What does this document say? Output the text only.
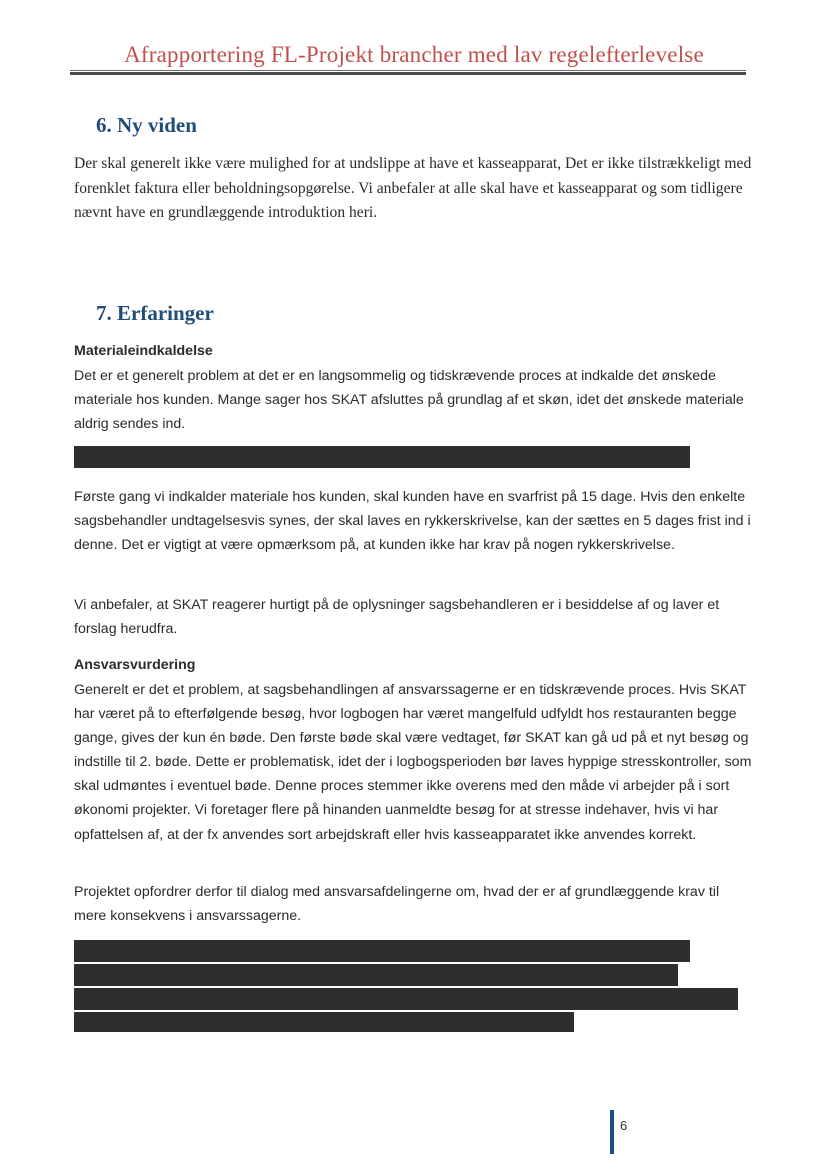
Afrapportering FL-Projekt brancher med lav regelefterlevelse
6. Ny viden
Der skal generelt ikke være mulighed for at undslippe at have et kasseapparat, Det er ikke tilstrækkeligt med forenklet faktura eller beholdningsopgørelse. Vi anbefaler at alle skal have et kasseapparat og som tidligere nævnt have en grundlæggende introduktion heri.
7. Erfaringer
Materialeindkaldelse
Det er et generelt problem at det er en langsommelig og tidskrævende proces at indkalde det ønskede materiale hos kunden. Mange sager hos SKAT afsluttes på grundlag af et skøn, idet det ønskede materiale aldrig sendes ind.
Første gang vi indkalder materiale hos kunden, skal kunden have en svarfrist på 15 dage. Hvis den enkelte sagsbehandler undtagelsesvis synes, der skal laves en rykkerskrivelse, kan der sættes en 5 dages frist ind i denne. Det er vigtigt at være opmærksom på, at kunden ikke har krav på nogen rykkerskrivelse.
Vi anbefaler, at SKAT reagerer hurtigt på de oplysninger sagsbehandleren er i besiddelse af og laver et forslag herudfra.
Ansvarsvurdering
Generelt er det et problem, at sagsbehandlingen af ansvarssagerne er en tidskrævende proces. Hvis SKAT har været på to efterfølgende besøg, hvor logbogen har været mangelfuld udfyldt hos restauranten begge gange, gives der kun én bøde. Den første bøde skal være vedtaget, før SKAT kan gå ud på et nyt besøg og indstille til 2. bøde. Dette er problematisk, idet der i logbogsperioden bør laves hyppige stresskontroller, som skal udmøntes i eventuel bøde. Denne proces stemmer ikke overens med den måde vi arbejder på i sort økonomi projekter. Vi foretager flere på hinanden uanmeldte besøg for at stresse indehaver, hvis vi har opfattelsen af, at der fx anvendes sort arbejdskraft eller hvis kasseapparatet ikke anvendes korrekt.
Projektet opfordrer derfor til dialog med ansvarsafdelingerne om, hvad der er af grundlæggende krav til mere konsekvens i ansvarssagerne.
6
